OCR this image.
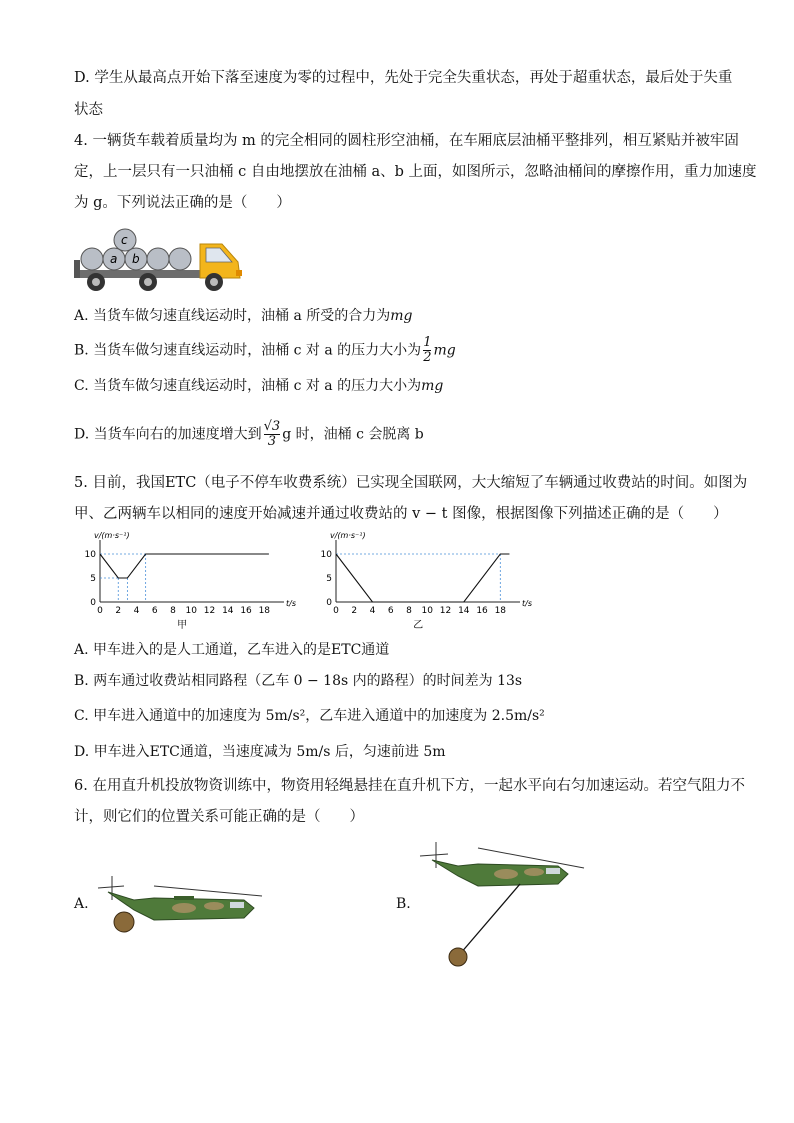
D. 学生从最高点开始下落至速度为零的过程中，先处于完全失重状态，再处于超重状态，最后处于失重
状态
4. 一辆货车载着质量均为 m 的完全相同的圆柱形空油桶，在车厢底层油桶平整排列，相互紧贴并被牢固
定，上一层只有一只油桶 c 自由地摆放在油桶 a、b 上面，如图所示，忽略油桶间的摩擦作用，重力加速度
为 g。下列说法正确的是（　　）
c
a b
A. 当货车做匀速直线运动时，油桶 a 所受的合力为mg
B. 当货车做匀速直线运动时，油桶 c 对 a 的压力大小为 $\frac{1}{2}$ mg
C. 当货车做匀速直线运动时，油桶 c 对 a 的压力大小为mg
D. 当货车向右的加速度增大到 $\frac{√3}{3}$ g 时，油桶 c 会脱离 b
5. 目前，我国ETC（电子不停车收费系统）已实现全国联网，大大缩短了车辆通过收费站的时间。如图为
甲、乙两辆车以相同的速度开始减速并通过收费站的 v − t 图像，根据图像下列描述正确的是（　　）
v/(m·s⁻¹)
t/s
0 2 4 6 8 10 12 14 16 18
5
10
0
甲
v/(m·s⁻¹)
t/s
0 2 4 6 8 10 12 14 16 18
5
10
0
乙
A. 甲车进入的是人工通道，乙车进入的是ETC通道
B. 两车通过收费站相同路程（乙车 0 − 18s 内的路程）的时间差为 13s
C. 甲车进入通道中的加速度为 5m/s²，乙车进入通道中的加速度为 2.5m/s²
D. 甲车进入ETC通道，当速度减为 5m/s 后，匀速前进 5m
6. 在用直升机投放物资训练中，物资用轻绳悬挂在直升机下方，一起水平向右匀加速运动。若空气阻力不
计，则它们的位置关系可能正确的是（　　）
A.	B.
